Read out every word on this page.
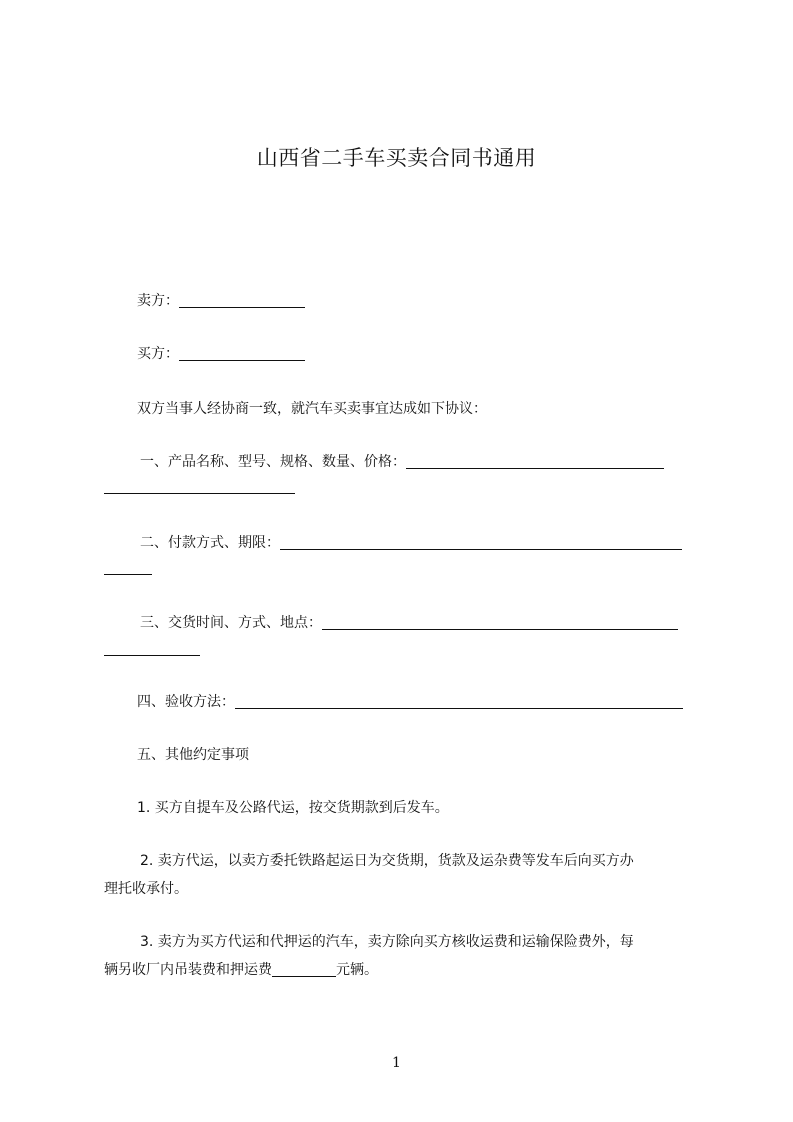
山西省二手车买卖合同书通用
卖方：
买方：
双方当事人经协商一致，就汽车买卖事宜达成如下协议：
一、产品名称、型号、规格、数量、价格：
二、付款方式、期限：
三、交货时间、方式、地点：
四、验收方法：
五、其他约定事项
1. 买方自提车及公路代运，按交货期款到后发车。
2. 卖方代运，以卖方委托铁路起运日为交货期，货款及运杂费等发车后向买方办
理托收承付。
3. 卖方为买方代运和代押运的汽车，卖方除向买方核收运费和运输保险费外，每
辆另收厂内吊装费和押运费	元辆。
1
